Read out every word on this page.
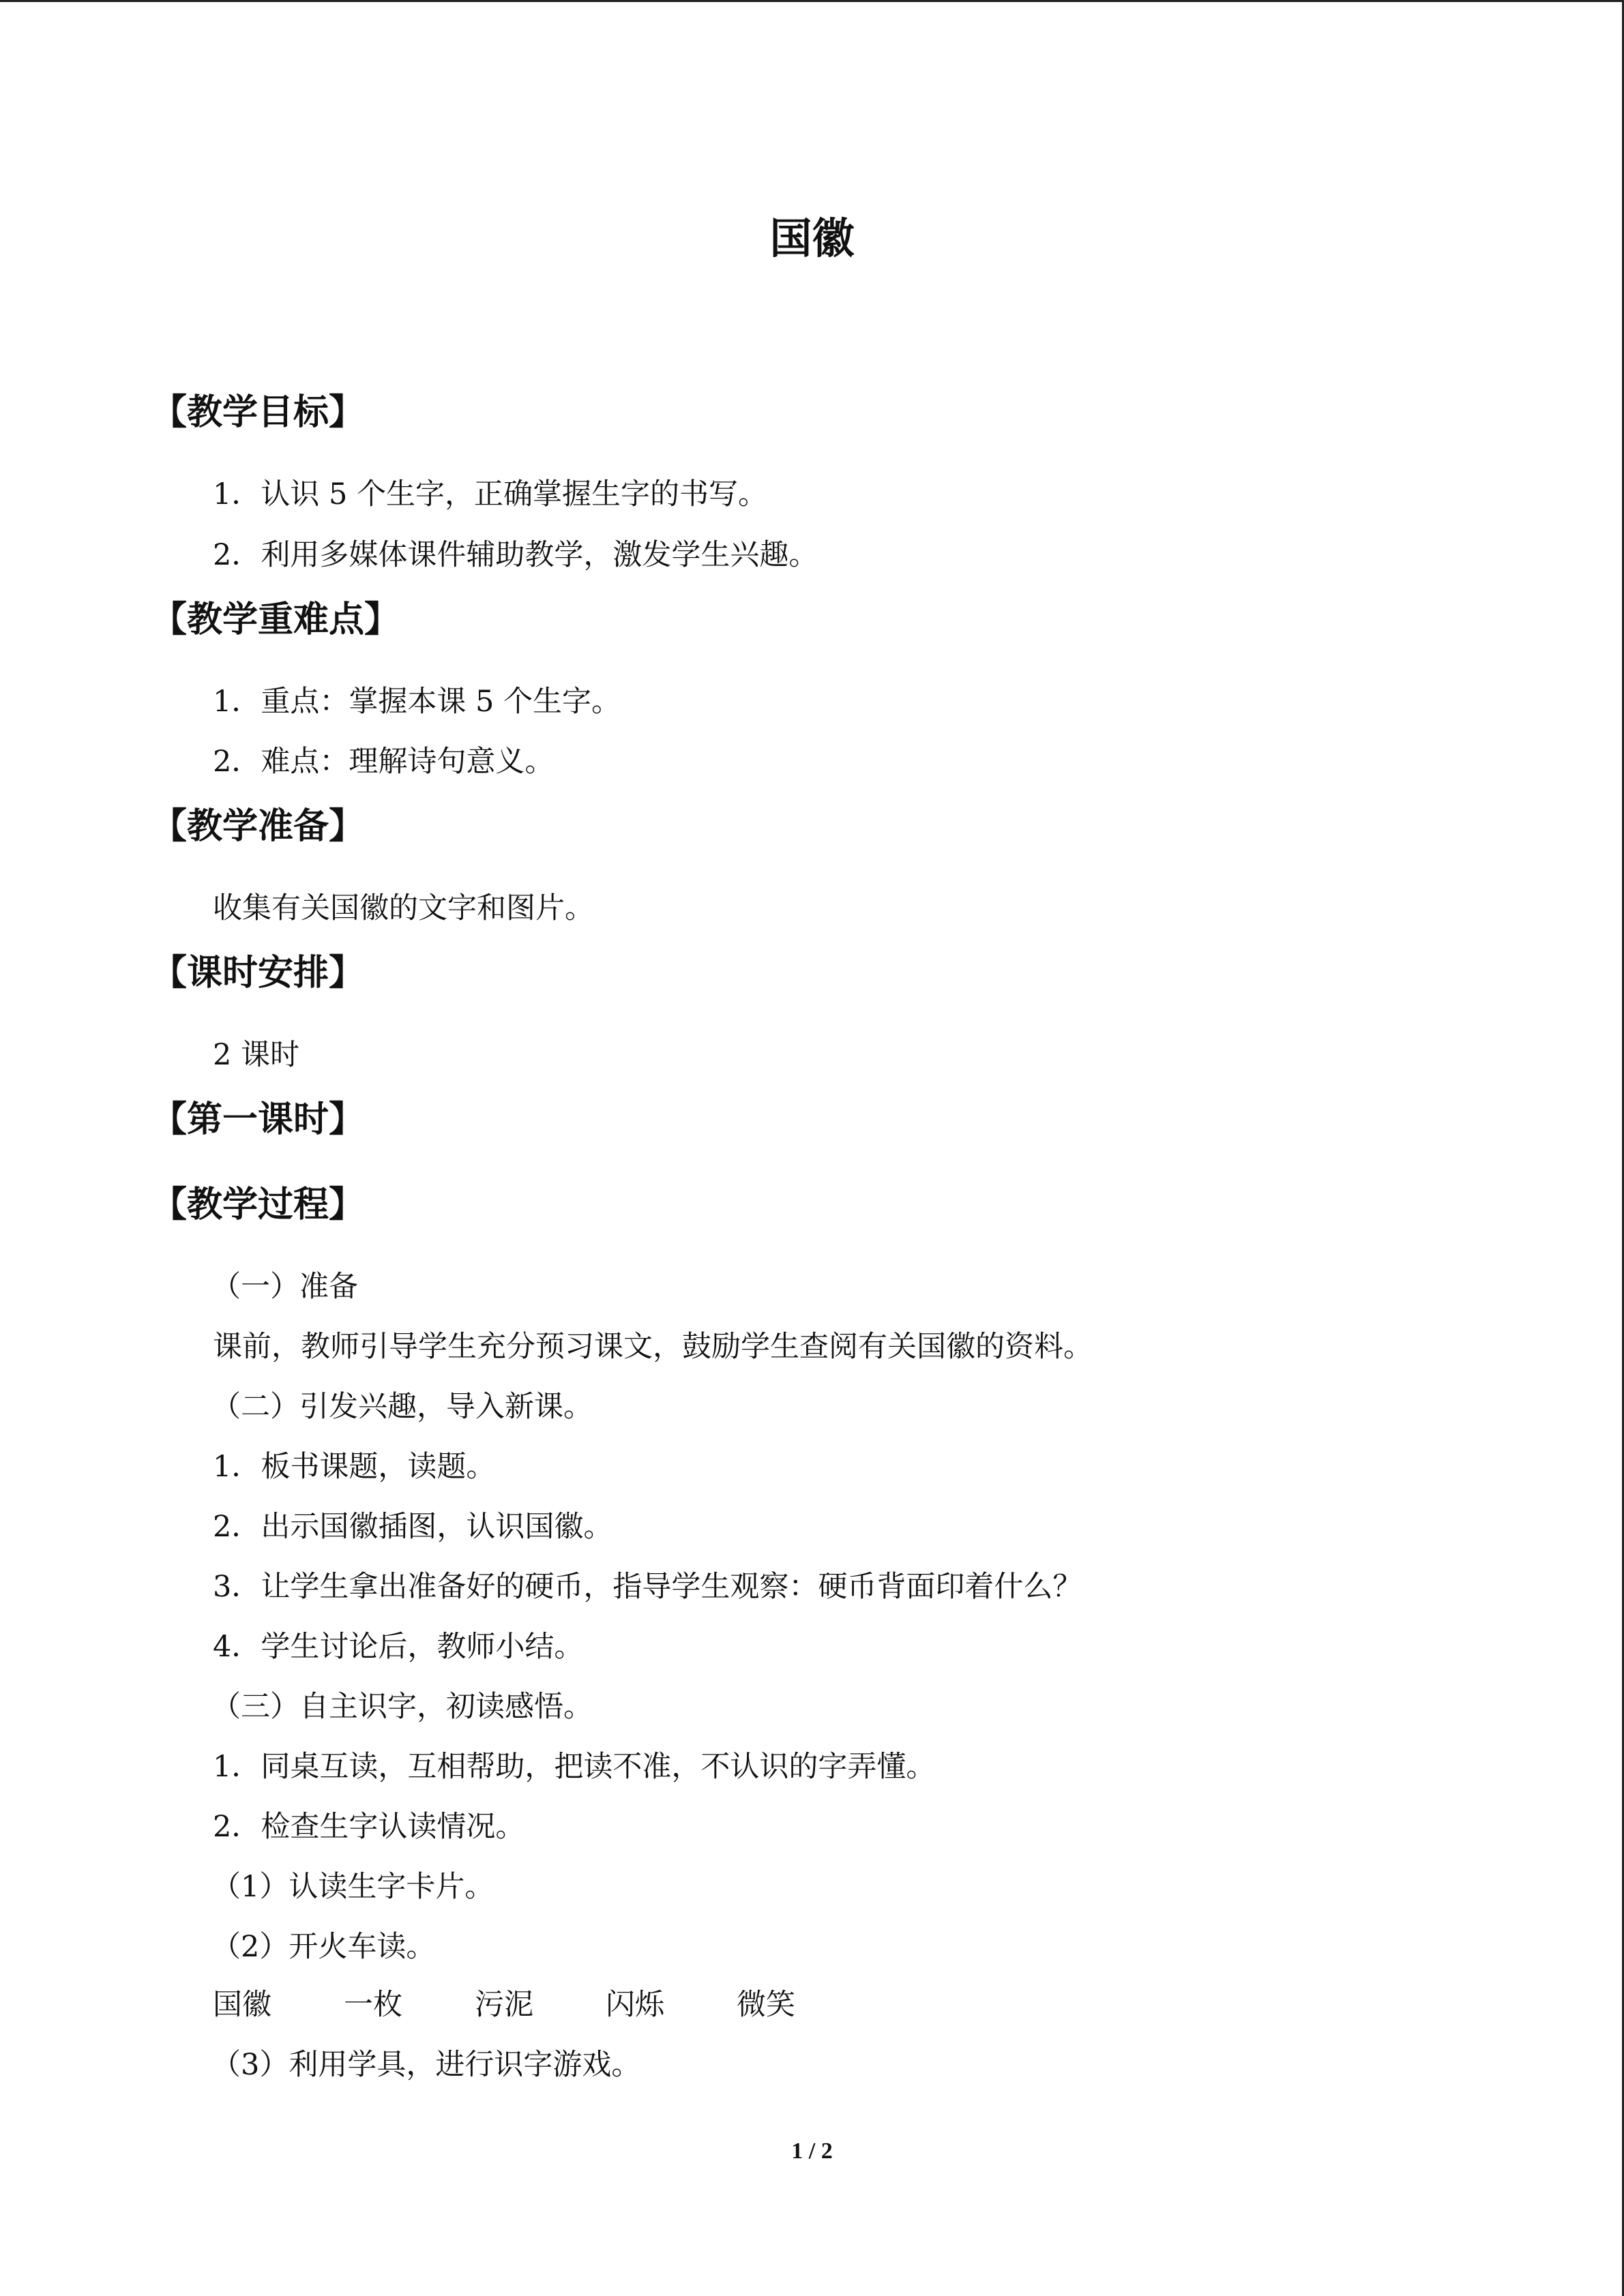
国徽
【教学目标】
1．认识 5 个生字，正确掌握生字的书写。
2．利用多媒体课件辅助教学，激发学生兴趣。
【教学重难点】
1．重点：掌握本课 5 个生字。
2．难点：理解诗句意义。
【教学准备】
收集有关国徽的文字和图片。
【课时安排】
2 课时
【第一课时】
【教学过程】
（一）准备
课前，教师引导学生充分预习课文，鼓励学生查阅有关国徽的资料。
（二）引发兴趣，导入新课。
1．板书课题，读题。
2．出示国徽插图，认识国徽。
3．让学生拿出准备好的硬币，指导学生观察：硬币背面印着什么？
4．学生讨论后，教师小结。
（三）自主识字，初读感悟。
1．同桌互读，互相帮助，把读不准，不认识的字弄懂。
2．检查生字认读情况。
（1）认读生字卡片。
（2）开火车读。
国徽 一枚 污泥 闪烁 微笑
（3）利用学具，进行识字游戏。
1 / 2
